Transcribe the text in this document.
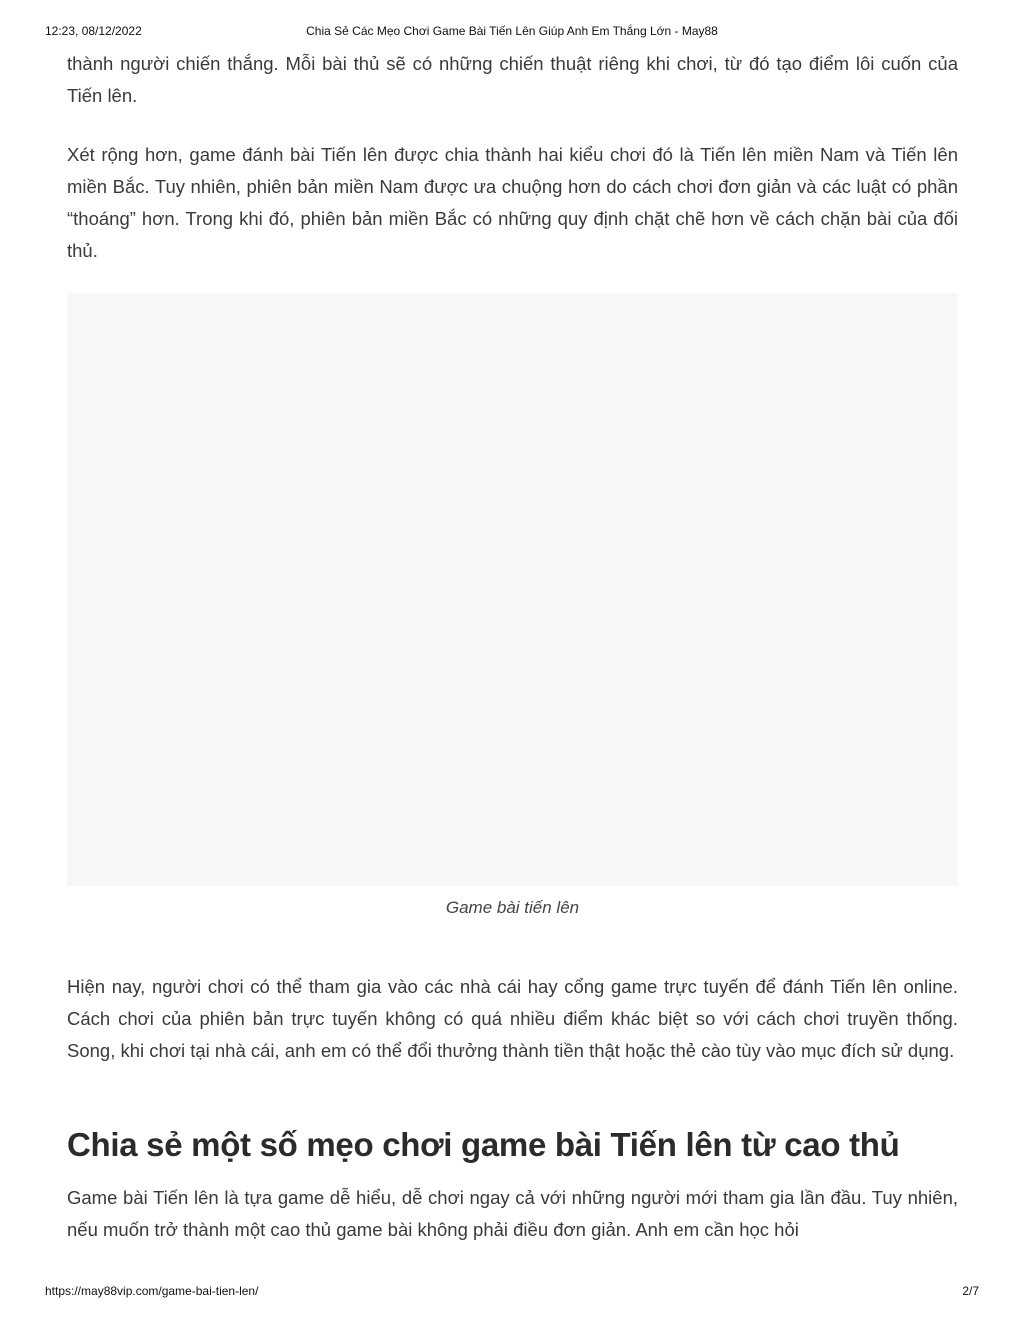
12:23, 08/12/2022	Chia Sẻ Các Mẹo Chơi Game Bài Tiến Lên Giúp Anh Em Thắng Lớn - May88

thành người chiến thắng. Mỗi bài thủ sẽ có những chiến thuật riêng khi chơi, từ đó tạo điểm lôi cuốn của Tiến lên.

Xét rộng hơn, game đánh bài Tiến lên được chia thành hai kiểu chơi đó là Tiến lên miền Nam và Tiến lên miền Bắc. Tuy nhiên, phiên bản miền Nam được ưa chuộng hơn do cách chơi đơn giản và các luật có phần “thoáng” hơn. Trong khi đó, phiên bản miền Bắc có những quy định chặt chẽ hơn về cách chặn bài của đối thủ.

Game bài tiến lên

Hiện nay, người chơi có thể tham gia vào các nhà cái hay cổng game trực tuyến để đánh Tiến lên online. Cách chơi của phiên bản trực tuyến không có quá nhiều điểm khác biệt so với cách chơi truyền thống. Song, khi chơi tại nhà cái, anh em có thể đổi thưởng thành tiền thật hoặc thẻ cào tùy vào mục đích sử dụng.

Chia sẻ một số mẹo chơi game bài Tiến lên từ cao thủ

Game bài Tiến lên là tựa game dễ hiểu, dễ chơi ngay cả với những người mới tham gia lần đầu. Tuy nhiên, nếu muốn trở thành một cao thủ game bài không phải điều đơn giản. Anh em cần học hỏi

https://may88vip.com/game-bai-tien-len/	2/7
